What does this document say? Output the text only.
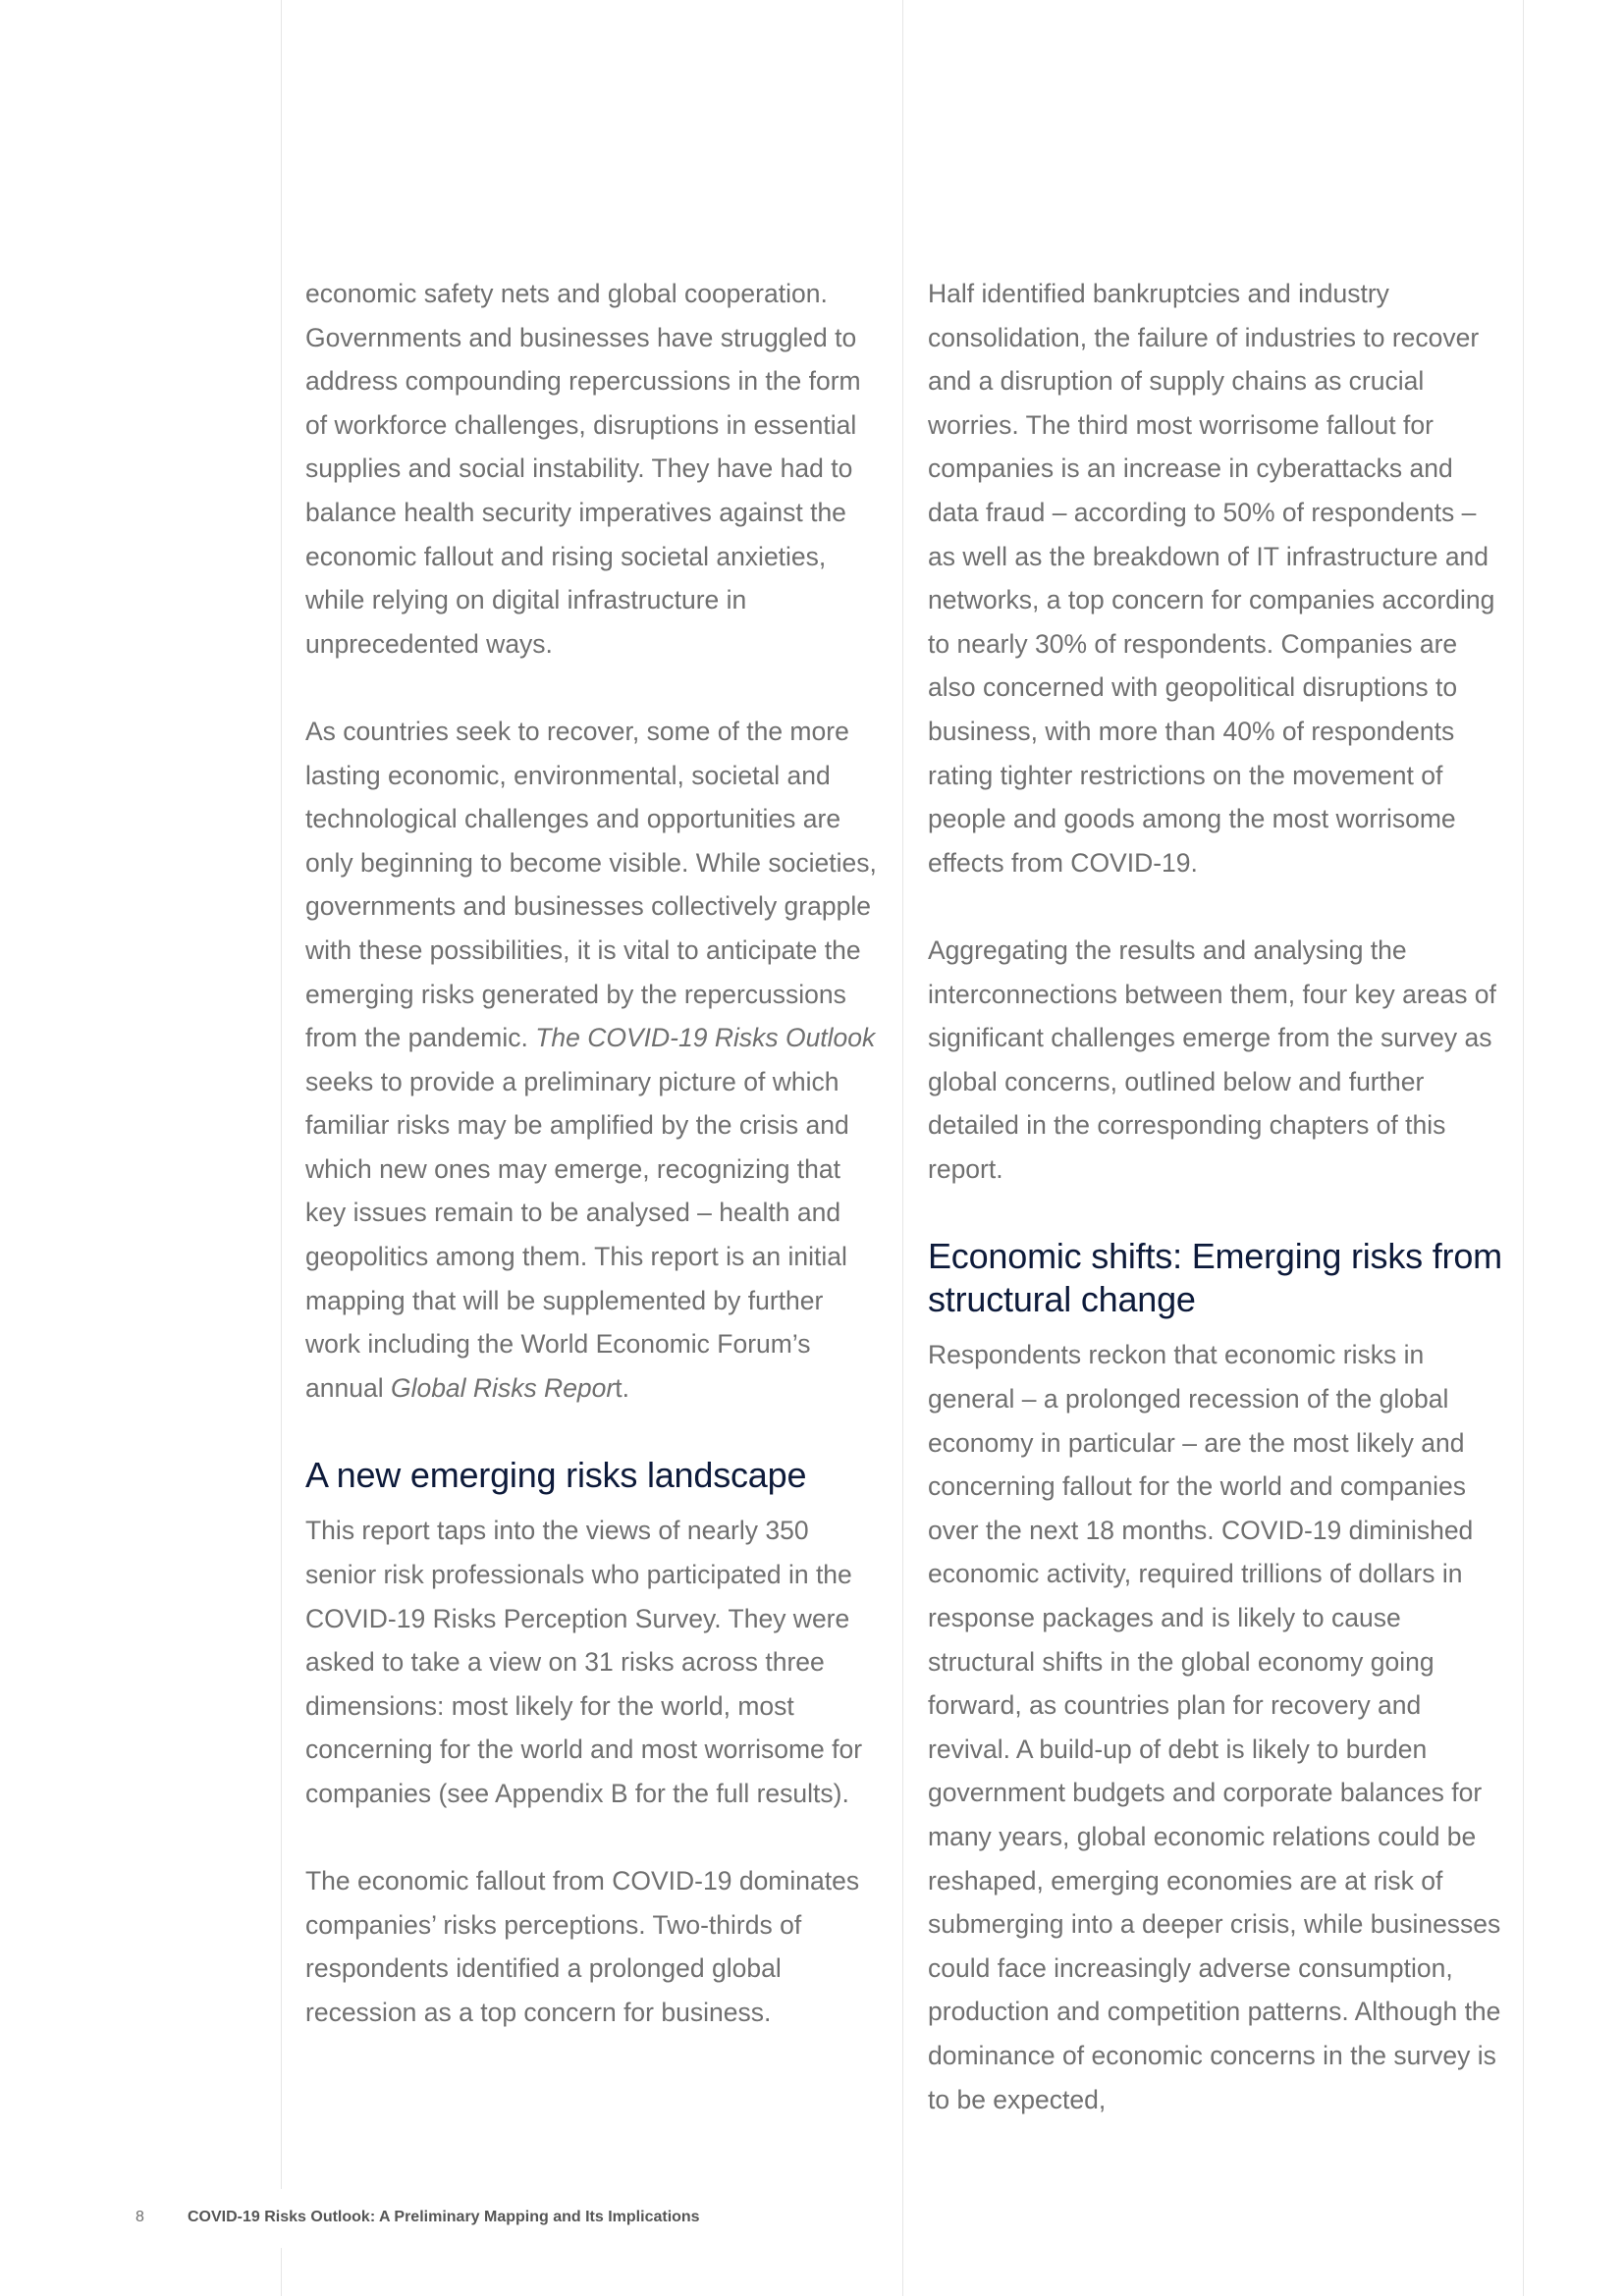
economic safety nets and global cooperation. Governments and businesses have struggled to address compounding repercussions in the form of workforce challenges, disruptions in essential supplies and social instability. They have had to balance health security imperatives against the economic fallout and rising societal anxieties, while relying on digital infrastructure in unprecedented ways.

As countries seek to recover, some of the more lasting economic, environmental, societal and technological challenges and opportunities are only beginning to become visible. While societies, governments and businesses collectively grapple with these possibilities, it is vital to anticipate the emerging risks generated by the repercussions from the pandemic. The COVID-19 Risks Outlook seeks to provide a preliminary picture of which familiar risks may be amplified by the crisis and which new ones may emerge, recognizing that key issues remain to be analysed – health and geopolitics among them. This report is an initial mapping that will be supplemented by further work including the World Economic Forum’s annual Global Risks Report.

A new emerging risks landscape

This report taps into the views of nearly 350 senior risk professionals who participated in the COVID-19 Risks Perception Survey. They were asked to take a view on 31 risks across three dimensions: most likely for the world, most concerning for the world and most worrisome for companies (see Appendix B for the full results).

The economic fallout from COVID-19 dominates companies’ risks perceptions. Two-thirds of respondents identified a prolonged global recession as a top concern for business.

Half identified bankruptcies and industry consolidation, the failure of industries to recover and a disruption of supply chains as crucial worries. The third most worrisome fallout for companies is an increase in cyberattacks and data fraud – according to 50% of respondents – as well as the breakdown of IT infrastructure and networks, a top concern for companies according to nearly 30% of respondents. Companies are also concerned with geopolitical disruptions to business, with more than 40% of respondents rating tighter restrictions on the movement of people and goods among the most worrisome effects from COVID-19.

Aggregating the results and analysing the interconnections between them, four key areas of significant challenges emerge from the survey as global concerns, outlined below and further detailed in the corresponding chapters of this report.

Economic shifts: Emerging risks from structural change

Respondents reckon that economic risks in general – a prolonged recession of the global economy in particular – are the most likely and concerning fallout for the world and companies over the next 18 months. COVID-19 diminished economic activity, required trillions of dollars in response packages and is likely to cause structural shifts in the global economy going forward, as countries plan for recovery and revival. A build-up of debt is likely to burden government budgets and corporate balances for many years, global economic relations could be reshaped, emerging economies are at risk of submerging into a deeper crisis, while businesses could face increasingly adverse consumption, production and competition patterns. Although the dominance of economic concerns in the survey is to be expected,

8	COVID-19 Risks Outlook: A Preliminary Mapping and Its Implications
